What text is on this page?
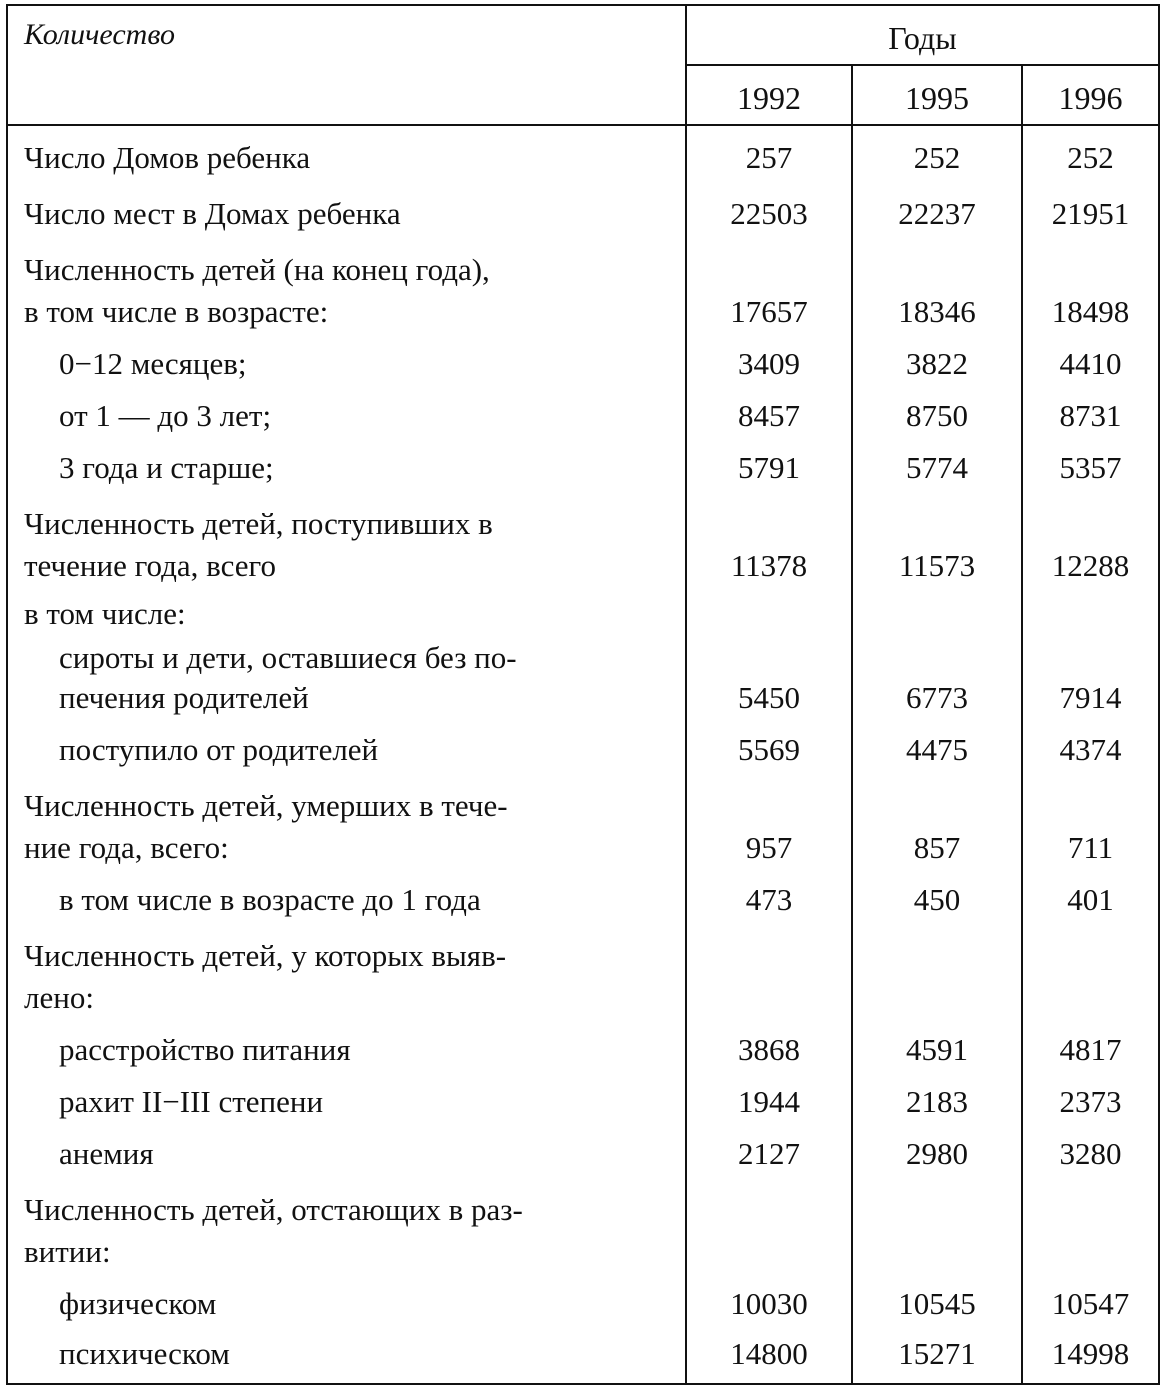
Количество	Годы
1992	1995	1996
Число Домов ребенка	257	252	252
Число мест в Домах ребенка	22503	22237	21951
Численность детей (на конец года),
в том числе в возрасте:	17657	18346	18498
0−12 месяцев;	3409	3822	4410
от 1 — до 3 лет;	8457	8750	8731
3 года и старше;	5791	5774	5357
Численность детей, поступивших в
течение года, всего	11378	11573	12288
в том числе:
сироты и дети, оставшиеся без по-
печения родителей	5450	6773	7914
поступило от родителей	5569	4475	4374
Численность детей, умерших в тече-
ние года, всего:	957	857	711
в том числе в возрасте до 1 года	473	450	401
Численность детей, у которых выяв-
лено:
расстройство питания	3868	4591	4817
рахит II−III степени	1944	2183	2373
анемия	2127	2980	3280
Численность детей, отстающих в раз-
витии:
физическом	10030	10545	10547
психическом	14800	15271	14998
